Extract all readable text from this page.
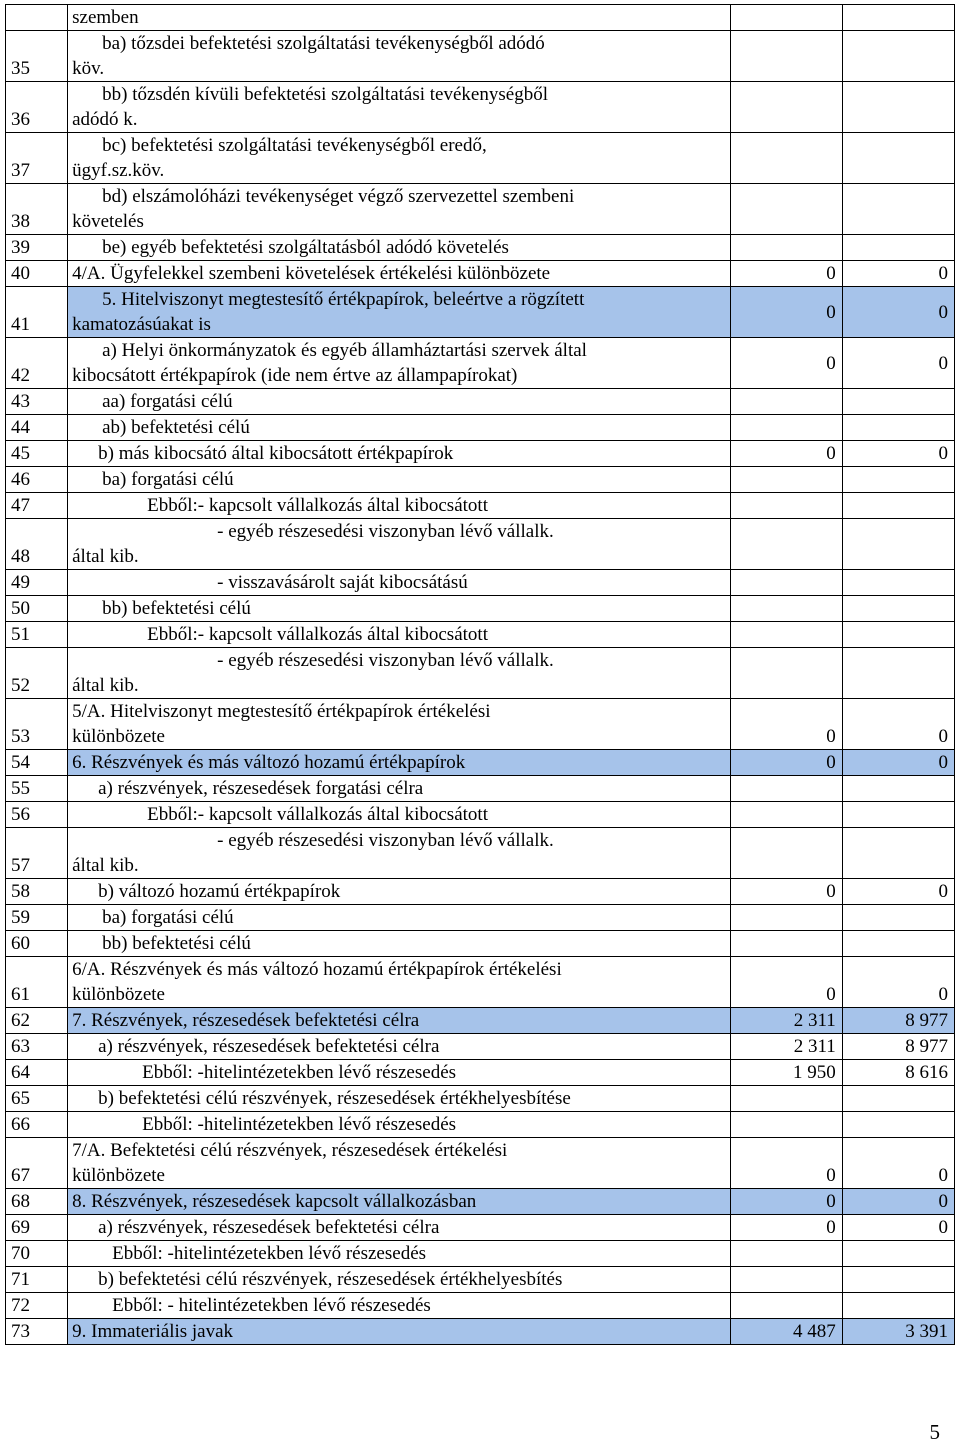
	szemben		
35	ba) tőzsdei befektetési szolgáltatási tevékenységből adódó
köv.		

36	bb) tőzsdén kívüli befektetési szolgáltatási tevékenységből
adódó k.		

37	bc) befektetési szolgáltatási tevékenységből eredő,
ügyf.sz.köv.		

38	bd) elszámolóházi tevékenységet végző szervezettel szembeni
követelés		

39	be) egyéb befektetési szolgáltatásból adódó követelés		
40	4/A. Ügyfelekkel szembeni követelések értékelési különbözete	0	0
41	5. Hitelviszonyt megtestesítő értékpapírok, beleértve a rögzített
kamatozásúakat is	0	0
42	a) Helyi önkormányzatok és egyéb államháztartási szervek által
kibocsátott értékpapírok (ide nem értve az állampapírokat)	0	0
43	aa) forgatási célú		
44	ab) befektetési célú		
45	b) más kibocsátó által kibocsátott értékpapírok	0	0
46	ba) forgatási célú		
47	Ebből:- kapcsolt vállalkozás által kibocsátott		
48	- egyéb részesedési viszonyban lévő vállalk.
által kib.		

49	- visszavásárolt saját kibocsátású		
50	bb) befektetési célú		
51	Ebből:- kapcsolt vállalkozás által kibocsátott		
52	- egyéb részesedési viszonyban lévő vállalk.
által kib.		

53	5/A. Hitelviszonyt megtestesítő értékpapírok értékelési
különbözete	0	0
54	6. Részvények és más változó hozamú értékpapírok	0	0
55	a) részvények, részesedések forgatási célra		
56	Ebből:- kapcsolt vállalkozás által kibocsátott		
57	- egyéb részesedési viszonyban lévő vállalk.
által kib.		

58	b) változó hozamú értékpapírok	0	0
59	ba) forgatási célú		
60	bb) befektetési célú		
61	6/A. Részvények és más változó hozamú értékpapírok értékelési
különbözete	0	0
62	7. Részvények, részesedések befektetési célra	2 311	8 977
63	a) részvények, részesedések befektetési célra	2 311	8 977
64	Ebből: -hitelintézetekben lévő részesedés	1 950	8 616
65	b) befektetési célú részvények, részesedések értékhelyesbítése		
66	Ebből: -hitelintézetekben lévő részesedés		
67	7/A. Befektetési célú részvények, részesedések értékelési
különbözete	0	0
68	8. Részvények, részesedések kapcsolt vállalkozásban	0	0
69	a) részvények, részesedések befektetési célra	0	0
70	Ebből: -hitelintézetekben lévő részesedés		
71	b) befektetési célú részvények, részesedések értékhelyesbítés		
72	Ebből: - hitelintézetekben lévő részesedés		
73	9. Immateriális javak	4 487	3 391
5
